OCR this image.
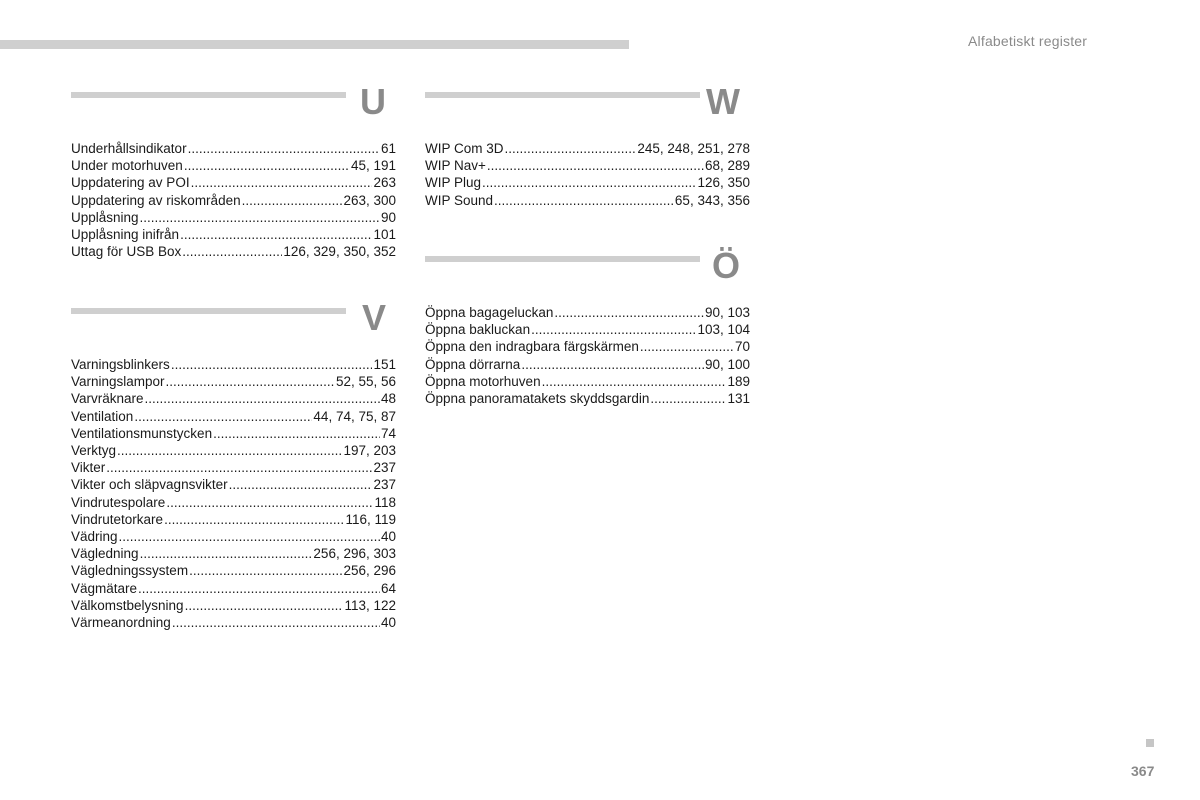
Alfabetiskt register
U
Underhållsindikator .....	61
Under motorhuven .....	45, 191
Uppdatering av POI .....	263
Uppdatering av riskområden .....	263, 300
Upplåsning .....	90
Upplåsning inifrån .....	101
Uttag för USB Box .....	126, 329, 350, 352
V
Varningsblinkers .....	151
Varningslampor .....	52, 55, 56
Varvräknare .....	48
Ventilation .....	44, 74, 75, 87
Ventilationsmunstycken .....	74
Verktyg .....	197, 203
Vikter .....	237
Vikter och släpvagnsvikter .....	237
Vindrutespolare .....	118
Vindrutetorkare .....	116, 119
Vädring .....	40
Vägledning .....	256, 296, 303
Vägledningssystem .....	256, 296
Vägmätare .....	64
Välkomstbelysning .....	113, 122
Värmeanordning .....	40
W
WIP Com 3D .....	245, 248, 251, 278
WIP Nav+ .....	68, 289
WIP Plug .....	126, 350
WIP Sound .....	65, 343, 356
Ö
Öppna bagageluckan .....	90, 103
Öppna bakluckan .....	103, 104
Öppna den indragbara färgskärmen .....	70
Öppna dörrarna .....	90, 100
Öppna motorhuven .....	189
Öppna panoramatakets skyddsgardin .....	131
367
